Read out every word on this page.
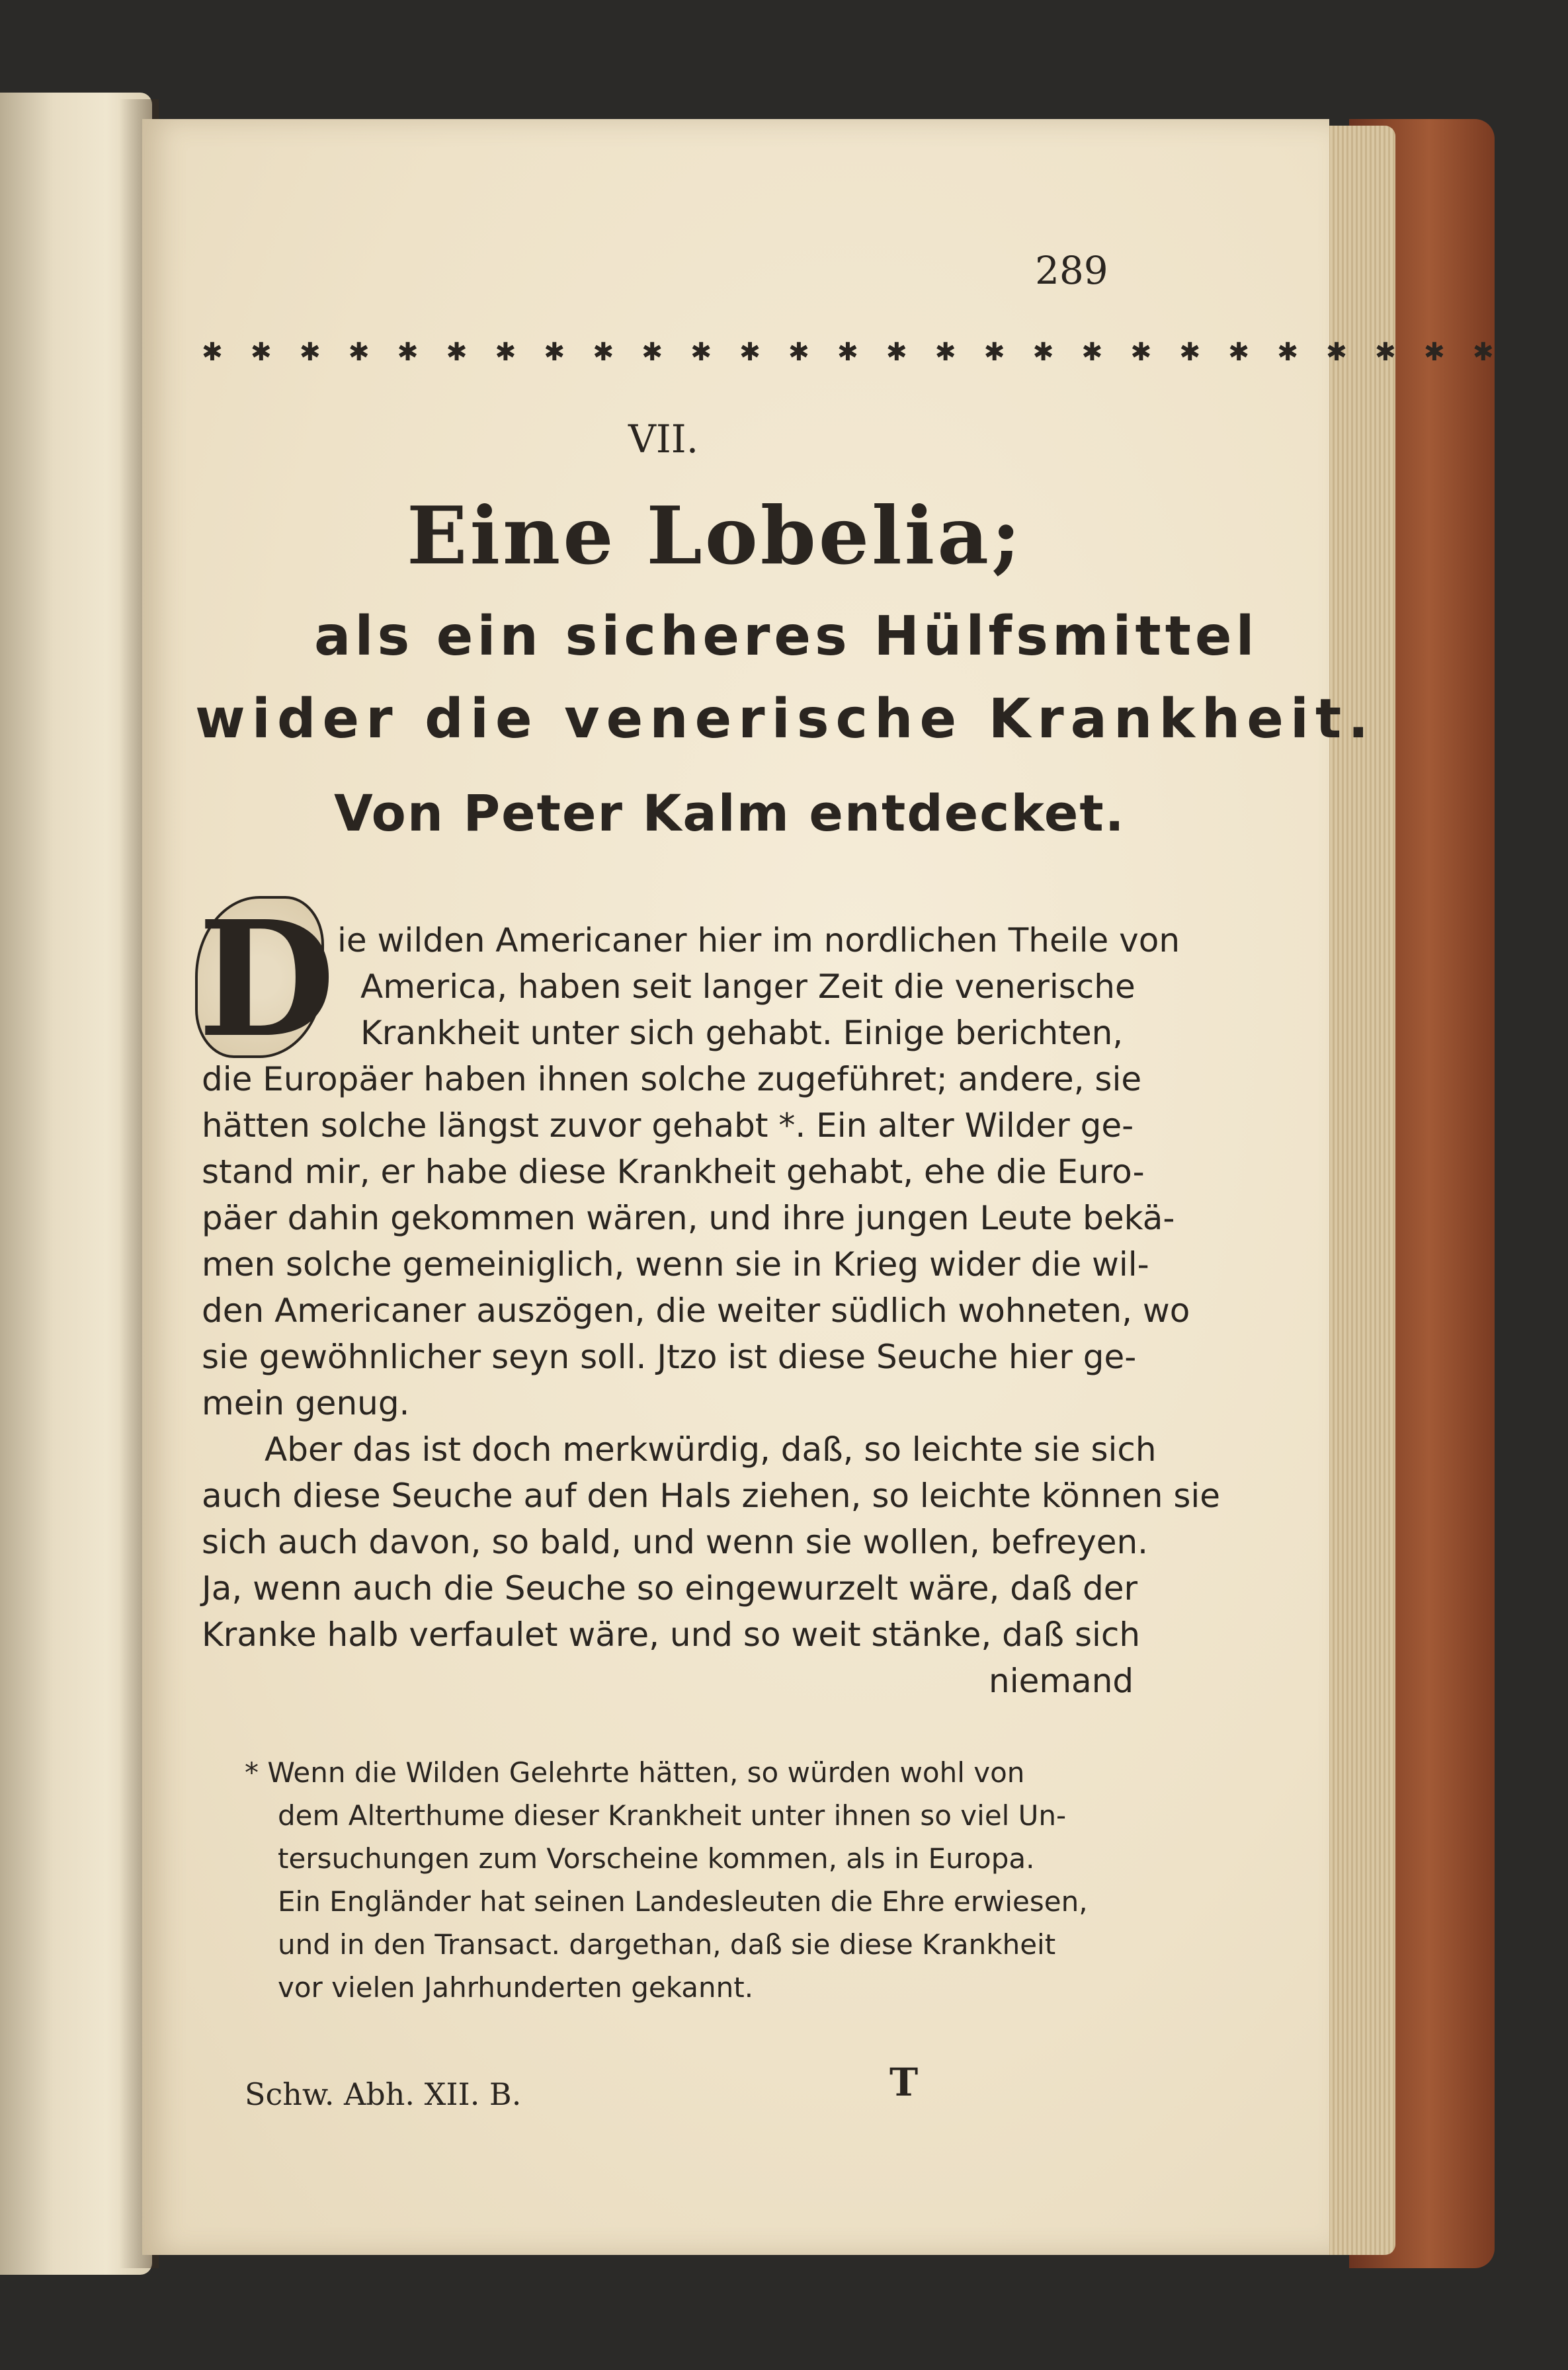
289

✱ ✱ ✱ ✱ ✱ ✱ ✱ ✱ ✱ ✱ ✱ ✱ ✱ ✱ ✱ ✱ ✱ ✱ ✱ ✱ ✱ ✱ ✱ ✱ ✱ ✱ ✱

VII.

Eine Lobelia;

als ein sicheres Hülfsmittel

wider die venerische Krankheit.

Von Peter Kalm entdecket.

D ie wilden Americaner hier im nordlichen Theile von

America, haben seit langer Zeit die venerische

Krankheit unter sich gehabt. Einige berichten,

die Europäer haben ihnen solche zugeführet; andere, sie

hätten solche längst zuvor gehabt *. Ein alter Wilder ge-

stand mir, er habe diese Krankheit gehabt, ehe die Euro-

päer dahin gekommen wären, und ihre jungen Leute bekä-

men solche gemeiniglich, wenn sie in Krieg wider die wil-

den Americaner auszögen, die weiter südlich wohneten, wo

sie gewöhnlicher seyn soll. Jtzo ist diese Seuche hier ge-

mein genug.

Aber das ist doch merkwürdig, daß, so leichte sie sich

auch diese Seuche auf den Hals ziehen, so leichte können sie

sich auch davon, so bald, und wenn sie wollen, befreyen.

Ja, wenn auch die Seuche so eingewurzelt wäre, daß der

Kranke halb verfaulet wäre, und so weit stänke, daß sich

niemand

* Wenn die Wilden Gelehrte hätten, so würden wohl von

dem Alterthume dieser Krankheit unter ihnen so viel Un-

tersuchungen zum Vorscheine kommen, als in Europa.

Ein Engländer hat seinen Landesleuten die Ehre erwiesen,

und in den Transact. dargethan, daß sie diese Krankheit

vor vielen Jahrhunderten gekannt.

Schw. Abh. XII. B.	T
